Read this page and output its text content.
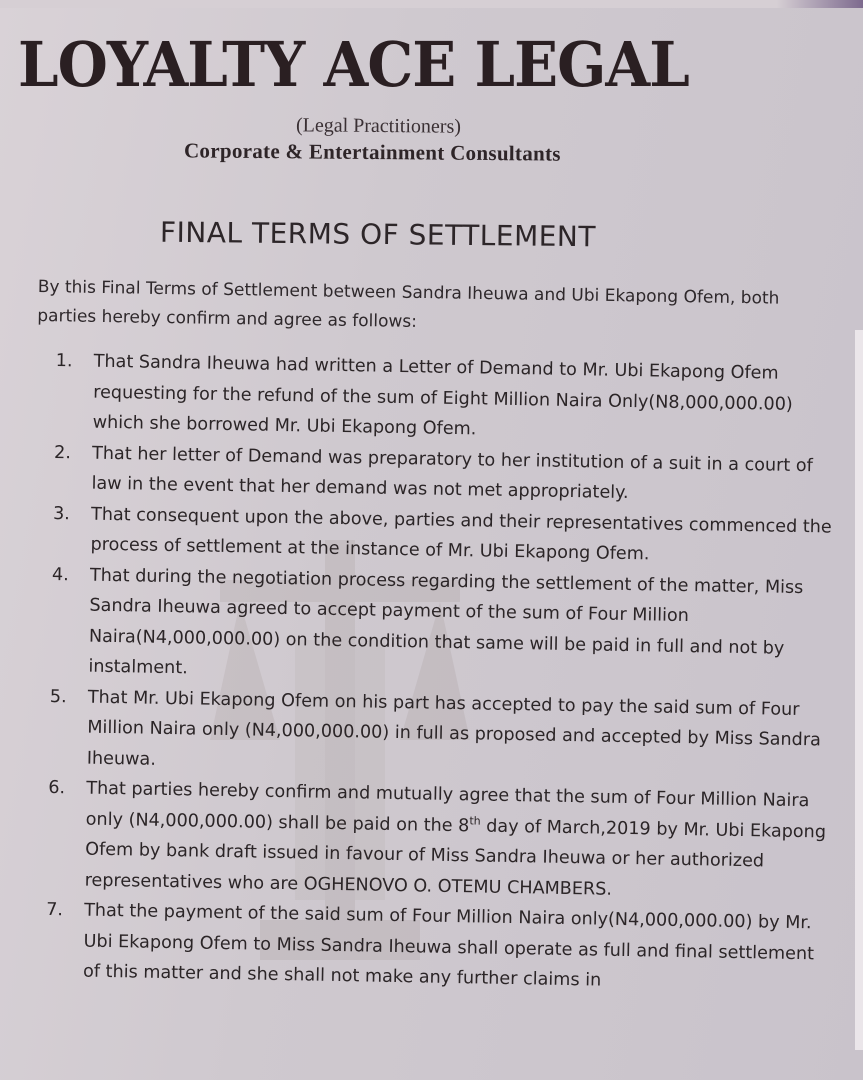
LOYALTY ACE LEGAL
(Legal Practitioners)
Corporate & Entertainment Consultants
FINAL TERMS OF SETTLEMENT
By this Final Terms of Settlement between Sandra Iheuwa and Ubi Ekapong Ofem, both parties hereby confirm and agree as follows:
1.	That Sandra Iheuwa had written a Letter of Demand to Mr. Ubi Ekapong Ofem requesting for the refund of the sum of Eight Million Naira Only(N8,000,000.00) which she borrowed Mr. Ubi Ekapong Ofem.
2.	That her letter of Demand was preparatory to her institution of a suit in a court of law in the event that her demand was not met appropriately.
3.	That consequent upon the above, parties and their representatives commenced the process of settlement at the instance of Mr. Ubi Ekapong Ofem.
4.	That during the negotiation process regarding the settlement of the matter, Miss Sandra Iheuwa agreed to accept payment of the sum of Four Million Naira(N4,000,000.00) on the condition that same will be paid in full and not by instalment.
5.	That Mr. Ubi Ekapong Ofem on his part has accepted to pay the said sum of Four Million Naira only (N4,000,000.00) in full as proposed and accepted by Miss Sandra Iheuwa.
6.	That parties hereby confirm and mutually agree that the sum of Four Million Naira only (N4,000,000.00) shall be paid on the 8th day of March,2019 by Mr. Ubi Ekapong Ofem by bank draft issued in favour of Miss Sandra Iheuwa or her authorized representatives who are OGHENOVO O. OTEMU CHAMBERS.
7.	That the payment of the said sum of Four Million Naira only(N4,000,000.00) by Mr. Ubi Ekapong Ofem to Miss Sandra Iheuwa shall operate as full and final settlement of this matter and she shall not make any further claims in
